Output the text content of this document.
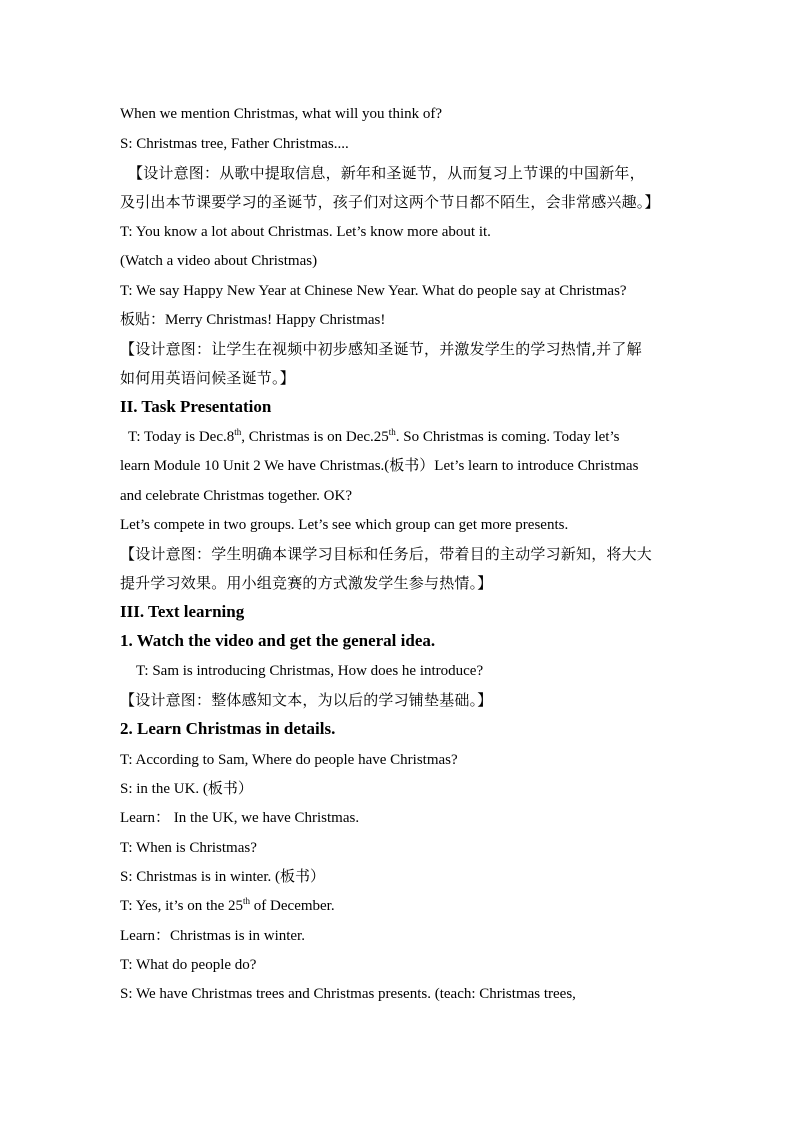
When we mention Christmas, what will you think of?
S: Christmas tree, Father Christmas....
【设计意图：从歌中提取信息，新年和圣诞节，从而复习上节课的中国新年，
及引出本节课要学习的圣诞节，孩子们对这两个节日都不陌生，会非常感兴趣。】
T: You know a lot about Christmas. Let’s know more about it.
(Watch a video about Christmas)
T: We say Happy New Year at Chinese New Year. What do people say at Christmas?
板贴：Merry Christmas! Happy Christmas!
【设计意图：让学生在视频中初步感知圣诞节，并激发学生的学习热情,并了解
如何用英语问候圣诞节。】
II. Task Presentation
T: Today is Dec.8th, Christmas is on Dec.25th. So Christmas is coming. Today let’s
learn Module 10 Unit 2 We have Christmas.(板书）Let’s learn to introduce Christmas
and celebrate Christmas together. OK?
Let’s compete in two groups. Let’s see which group can get more presents.
【设计意图：学生明确本课学习目标和任务后，带着目的主动学习新知，将大大
提升学习效果。用小组竞赛的方式激发学生参与热情。】
III. Text learning
1. Watch the video and get the general idea.
T: Sam is introducing Christmas, How does he introduce?
【设计意图：整体感知文本，为以后的学习铺垫基础。】
2. Learn Christmas in details.
T: According to Sam, Where do people have Christmas?
S: in the UK. (板书）
Learn： In the UK, we have Christmas.
T: When is Christmas?
S: Christmas is in winter. (板书）
T: Yes, it’s on the 25th of December.
Learn：Christmas is in winter.
T: What do people do?
S: We have Christmas trees and Christmas presents. (teach: Christmas trees,
